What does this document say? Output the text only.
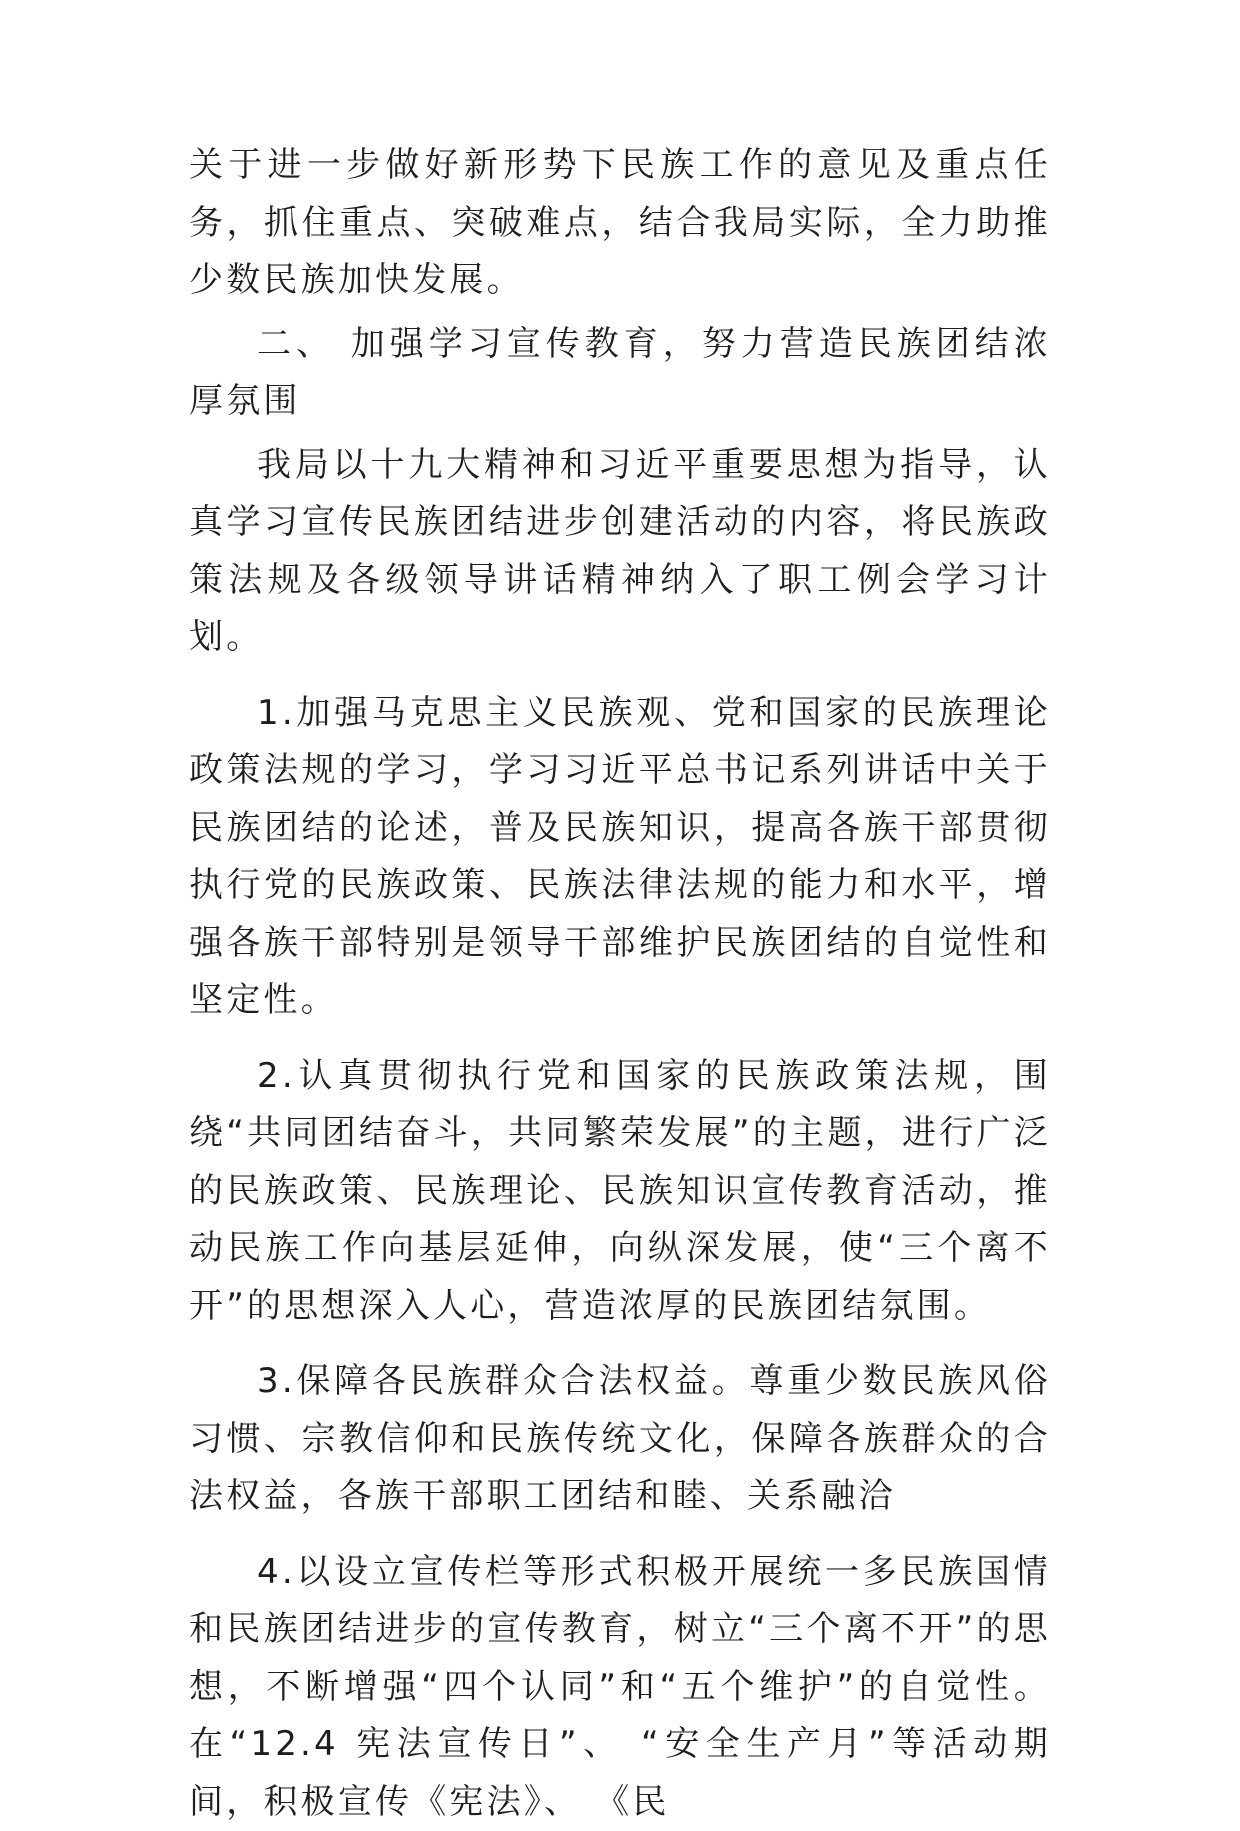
关于进一步做好新形势下民族工作的意见及重点任务，抓住重点、突破难点，结合我局实际，全力助推少数民族加快发展。

二、 加强学习宣传教育，努力营造民族团结浓厚氛围

我局以十九大精神和习近平重要思想为指导，认真学习宣传民族团结进步创建活动的内容，将民族政策法规及各级领导讲话精神纳入了职工例会学习计划。

1.加强马克思主义民族观、党和国家的民族理论政策法规的学习，学习习近平总书记系列讲话中关于民族团结的论述，普及民族知识，提高各族干部贯彻执行党的民族政策、民族法律法规的能力和水平，增强各族干部特别是领导干部维护民族团结的自觉性和坚定性。

2.认真贯彻执行党和国家的民族政策法规，围绕“共同团结奋斗，共同繁荣发展”的主题，进行广泛的民族政策、民族理论、民族知识宣传教育活动，推动民族工作向基层延伸，向纵深发展，使“三个离不开”的思想深入人心，营造浓厚的民族团结氛围。

3.保障各民族群众合法权益。尊重少数民族风俗习惯、宗教信仰和民族传统文化，保障各族群众的合法权益，各族干部职工团结和睦、关系融洽

4.以设立宣传栏等形式积极开展统一多民族国情和民族团结进步的宣传教育，树立“三个离不开”的思想，不断增强“四个认同”和“五个维护”的自觉性。在“12.4 宪法宣传日”、 “安全生产月”等活动期间，积极宣传《宪法》、 《民
